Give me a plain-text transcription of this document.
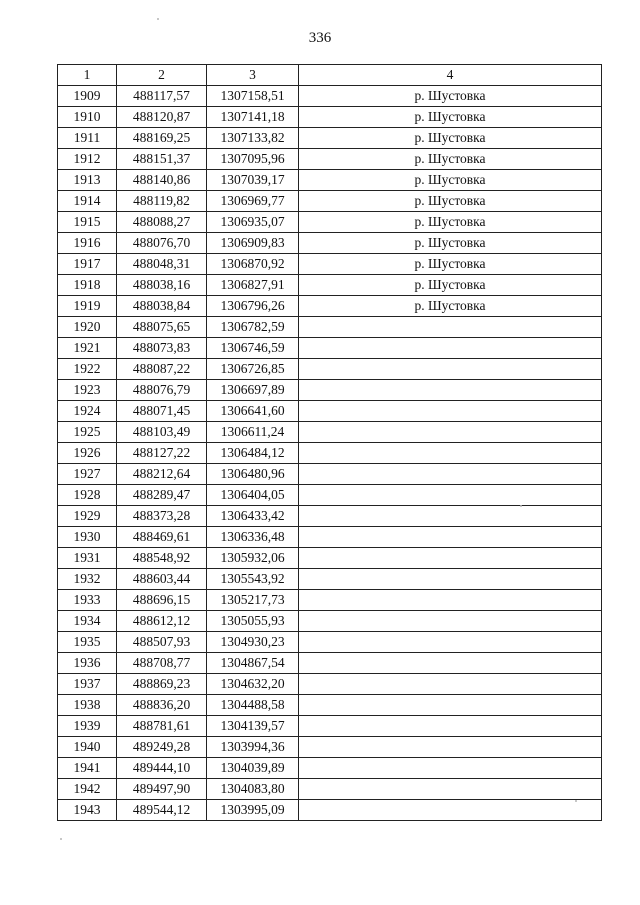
336
1	2	3	4
1909	488117,57	1307158,51	р. Шустовка
1910	488120,87	1307141,18	р. Шустовка
1911	488169,25	1307133,82	р. Шустовка
1912	488151,37	1307095,96	р. Шустовка
1913	488140,86	1307039,17	р. Шустовка
1914	488119,82	1306969,77	р. Шустовка
1915	488088,27	1306935,07	р. Шустовка
1916	488076,70	1306909,83	р. Шустовка
1917	488048,31	1306870,92	р. Шустовка
1918	488038,16	1306827,91	р. Шустовка
1919	488038,84	1306796,26	р. Шустовка
1920	488075,65	1306782,59	
1921	488073,83	1306746,59	
1922	488087,22	1306726,85	
1923	488076,79	1306697,89	
1924	488071,45	1306641,60	
1925	488103,49	1306611,24	
1926	488127,22	1306484,12	
1927	488212,64	1306480,96	
1928	488289,47	1306404,05	
1929	488373,28	1306433,42	
1930	488469,61	1306336,48	
1931	488548,92	1305932,06	
1932	488603,44	1305543,92	
1933	488696,15	1305217,73	
1934	488612,12	1305055,93	
1935	488507,93	1304930,23	
1936	488708,77	1304867,54	
1937	488869,23	1304632,20	
1938	488836,20	1304488,58	
1939	488781,61	1304139,57	
1940	489249,28	1303994,36	
1941	489444,10	1304039,89	
1942	489497,90	1304083,80	
1943	489544,12	1303995,09	
